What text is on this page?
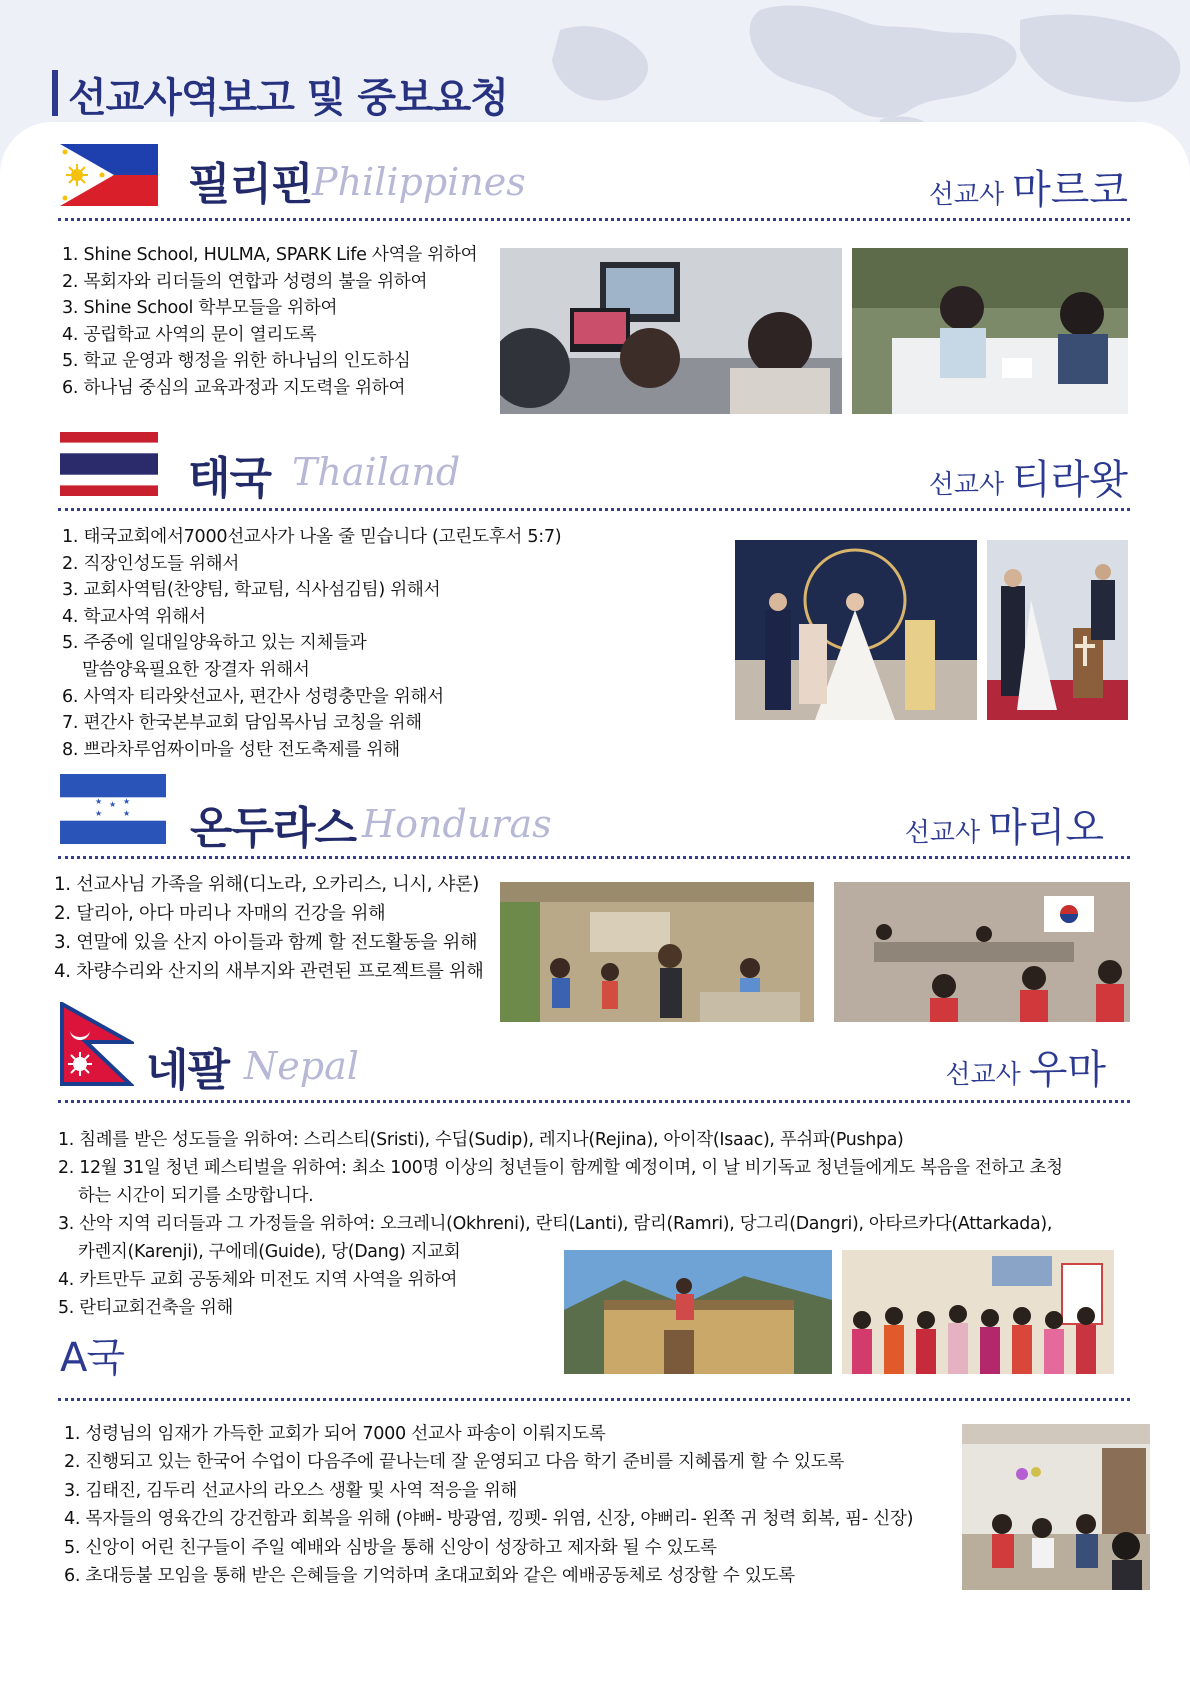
선교사역보고 및 중보요청
필리핀 Philippines	선교사 마르코
1. Shine School, HULMA, SPARK Life 사역을 위하여
2. 목회자와 리더들의 연합과 성령의 불을 위하여
3. Shine School 학부모들을 위하여
4. 공립학교 사역의 문이 열리도록
5. 학교 운영과 행정을 위한 하나님의 인도하심
6. 하나님 중심의 교육과정과 지도력을 위하여
태국 Thailand	선교사 티라왓
1. 태국교회에서7000선교사가 나올 줄 믿습니다 (고린도후서 5:7)
2. 직장인성도들 위해서
3. 교회사역팀(찬양팀, 학교팀, 식사섬김팀) 위해서
4. 학교사역 위해서
5. 주중에 일대일양육하고 있는 지체들과
말씀양육필요한 장결자 위해서
6. 사역자 티라왓선교사, 편간사 성령충만을 위해서
7. 편간사 한국본부교회 담임목사님 코칭을 위해
8. 쁘라차루엄짜이마을 성탄 전도축제를 위해
★
★	★
★	★ 온두라스 Honduras	선교사 마리오
1. 선교사님 가족을 위해(디노라, 오카리스, 니시, 샤론)
2. 달리아, 아다 마리나 자매의 건강을 위해
3. 연말에 있을 산지 아이들과 함께 할 전도활동을 위해
4. 차량수리와 산지의 새부지와 관련된 프로젝트를 위해
네팔 Nepal	선교사 우마
1. 침례를 받은 성도들을 위하여: 스리스티(Sristi), 수딥(Sudip), 레지나(Rejina), 아이작(Isaac), 푸쉬파(Pushpa)
2. 12월 31일 청년 페스티벌을 위하여: 최소 100명 이상의 청년들이 함께할 예정이며, 이 날 비기독교 청년들에게도 복음을 전하고 초청
하는 시간이 되기를 소망합니다.
3. 산악 지역 리더들과 그 가정들을 위하여: 오크레니(Okhreni), 란티(Lanti), 람리(Ramri), 당그리(Dangri), 아타르카다(Attarkada),
카렌지(Karenji), 구에데(Guide), 당(Dang) 지교회
4. 카트만두 교회 공동체와 미전도 지역 사역을 위하여
5. 란티교회건축을 위해
A국
1. 성령님의 임재가 가득한 교회가 되어 7000 선교사 파송이 이뤄지도록
2. 진행되고 있는 한국어 수업이 다음주에 끝나는데 잘 운영되고 다음 학기 준비를 지혜롭게 할 수 있도록
3. 김태진, 김두리 선교사의 라오스 생활 및 사역 적응을 위해
4. 목자들의 영육간의 강건함과 회복을 위해 (야뻐- 방광염, 낑펫- 위염, 신장, 야뻐리- 왼쪽 귀 청력 회복, 핌- 신장)
5. 신앙이 어린 친구들이 주일 예배와 심방을 통해 신앙이 성장하고 제자화 될 수 있도록
6. 초대등불 모임을 통해 받은 은혜들을 기억하며 초대교회와 같은 예배공동체로 성장할 수 있도록
